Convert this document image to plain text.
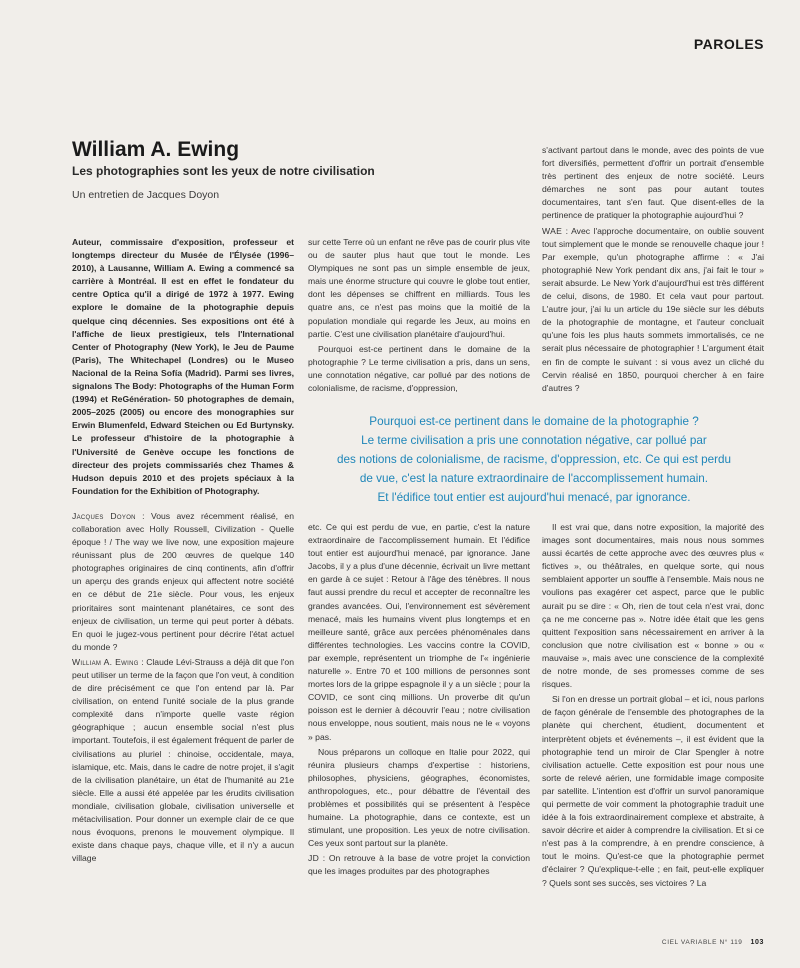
PAROLES
William A. Ewing
Les photographies sont les yeux de notre civilisation

Un entretien de Jacques Doyon

Auteur, commissaire d'exposition, professeur et longtemps directeur du Musée de l'Élysée (1996–2010), à Lausanne, William A. Ewing a commencé sa carrière à Montréal. Il est en effet le fondateur du centre Optica qu'il a dirigé de 1972 à 1977. Ewing explore le domaine de la photographie depuis quelque cinq décennies. Ses expositions ont été à l'affiche de lieux prestigieux, tels l'International Center of Photography (New York), le Jeu de Paume (Paris), The Whitechapel (Londres) ou le Museo Nacional de la Reina Sofía (Madrid). Parmi ses livres, signalons The Body: Photographs of the Human Form (1994) et ReGénération- 50 photographes de demain, 2005–2025 (2005) ou encore des monographies sur Erwin Blumenfeld, Edward Steichen ou Ed Burtynsky. Le professeur d'histoire de la photographie à l'Université de Genève occupe les fonctions de directeur des projets commissariés chez Thames & Hudson depuis 2010 et des projets spéciaux à la Foundation for the Exhibition of Photography.

Jacques Doyon : Vous avez récemment réalisé, en collaboration avec Holly Roussell, Civilization - Quelle époque ! / The way we live now, une exposition majeure réunissant plus de 200 œuvres de quelque 140 photographes originaires de cinq continents, afin d'offrir un aperçu des grands enjeux qui affectent notre société en ce début de 21e siècle. Pour vous, les enjeux prioritaires sont maintenant planétaires, ce sont des enjeux de civilisation, un terme qui peut porter à débats. En quoi le jugez-vous pertinent pour décrire l'état actuel du monde ?

William A. Ewing : Claude Lévi-Strauss a déjà dit que l'on peut utiliser un terme de la façon que l'on veut, à condition de dire précisément ce que l'on entend par là. Par civilisation, on entend l'unité sociale de la plus grande complexité dans n'importe quelle vaste région géographique ; aucun ensemble social n'est plus important. Toutefois, il est également fréquent de parler de civilisations au pluriel : chinoise, occidentale, maya, islamique, etc. Mais, dans le cadre de notre projet, il s'agit de la civilisation planétaire, un état de l'humanité au 21e siècle. Elle a aussi été appelée par les érudits civilisation mondiale, civilisation globale, civilisation universelle et métacivilisation. Pour donner un exemple clair de ce que nous évoquons, prenons le mouvement olympique. Il existe dans chaque pays, chaque ville, et il n'y a aucun village

sur cette Terre où un enfant ne rêve pas de courir plus vite ou de sauter plus haut que tout le monde. Les Olympiques ne sont pas un simple ensemble de jeux, mais une énorme structure qui couvre le globe tout entier, dont les dépenses se chiffrent en milliards. Tous les quatre ans, ce n'est pas moins que la moitié de la population mondiale qui regarde les Jeux, au moins en partie. C'est une civilisation planétaire d'aujourd'hui.

Pourquoi est-ce pertinent dans le domaine de la photographie ? Le terme civilisation a pris, dans un sens, une connotation négative, car pollué par des notions de colonialisme, de racisme, d'oppression,

s'activant partout dans le monde, avec des points de vue fort diversifiés, permettent d'offrir un portrait d'ensemble très pertinent des enjeux de notre société. Leurs démarches ne sont pas pour autant toutes documentaires, tant s'en faut. Que disent-elles de la pertinence de pratiquer la photographie aujourd'hui ?

WAE : Avec l'approche documentaire, on oublie souvent tout simplement que le monde se renouvelle chaque jour ! Par exemple, qu'un photographe affirme : « J'ai photographié New York pendant dix ans, j'ai fait le tour » serait absurde. Le New York d'aujourd'hui est très différent de celui, disons, de 1980. Et cela vaut pour partout. L'autre jour, j'ai lu un article du 19e siècle sur les débuts de la photographie de montagne, et l'auteur concluait qu'une fois les plus hauts sommets immortalisés, ce ne serait plus nécessaire de photographier ! L'argument était en fin de compte le suivant : si vous avez un cliché du Cervin réalisé en 1850, pourquoi chercher à en faire d'autres ?

Pourquoi est-ce pertinent dans le domaine de la photographie ?
Le terme civilisation a pris une connotation négative, car pollué par
des notions de colonialisme, de racisme, d'oppression, etc. Ce qui est perdu
de vue, c'est la nature extraordinaire de l'accomplissement humain.
Et l'édifice tout entier est aujourd'hui menacé, par ignorance.

etc. Ce qui est perdu de vue, en partie, c'est la nature extraordinaire de l'accomplissement humain. Et l'édifice tout entier est aujourd'hui menacé, par ignorance. Jane Jacobs, il y a plus d'une décennie, écrivait un livre mettant en garde à ce sujet : Retour à l'âge des ténèbres. Il nous faut aussi prendre du recul et accepter de reconnaître les grandes avancées. Oui, l'environnement est sévèrement menacé, mais les humains vivent plus longtemps et en meilleure santé, grâce aux percées phénoménales dans différentes technologies. Les vaccins contre la COVID, par exemple, représentent un triomphe de l'« ingénierie naturelle ». Entre 70 et 100 millions de personnes sont mortes lors de la grippe espagnole il y a un siècle ; pour la COVID, ce sont cinq millions. Un proverbe dit qu'un poisson est le dernier à découvrir l'eau ; notre civilisation nous enveloppe, nous soutient, mais nous ne le « voyons » pas.

Nous préparons un colloque en Italie pour 2022, qui réunira plusieurs champs d'expertise : historiens, philosophes, physiciens, géographes, économistes, anthropologues, etc., pour débattre de l'éventail des problèmes et possibilités qui se présentent à l'espèce humaine. La photographie, dans ce contexte, est un stimulant, une proposition. Les yeux de notre civilisation. Ces yeux sont partout sur la planète.

JD : On retrouve à la base de votre projet la conviction que les images produites par des photographes

Il est vrai que, dans notre exposition, la majorité des images sont documentaires, mais nous nous sommes aussi écartés de cette approche avec des œuvres plus « fictives », ou théâtrales, en quelque sorte, qui nous semblaient apporter un souffle à l'ensemble. Mais nous ne voulions pas exagérer cet aspect, parce que le public aurait pu se dire : « Oh, rien de tout cela n'est vrai, donc ça ne me concerne pas ». Notre idée était que les gens quittent l'exposition sans nécessairement en arriver à la conclusion que notre civilisation est « bonne » ou « mauvaise », mais avec une conscience de la complexité de notre monde, de ses promesses comme de ses risques.

Si l'on en dresse un portrait global – et ici, nous parlons de façon générale de l'ensemble des photographes de la planète qui cherchent, étudient, documentent et interprètent objets et événements –, il est évident que la photographie tend un miroir de Clar Spengler à notre civilisation actuelle. Cette exposition est pour nous une sorte de relevé aérien, une formidable image composite par satellite. L'intention est d'offrir un survol panoramique qui permette de voir comment la photographie traduit une idée à la fois extraordinairement complexe et abstraite, à savoir décrire et aider à comprendre la civilisation. Et si ce n'est pas à la comprendre, à en prendre conscience, à tout le moins. Qu'est-ce que la photographie permet d'éclairer ? Qu'explique-t-elle ; en fait, peut-elle expliquer ? Quels sont ses succès, ses victoires ? La

CIEL VARIABLE N° 119 103
